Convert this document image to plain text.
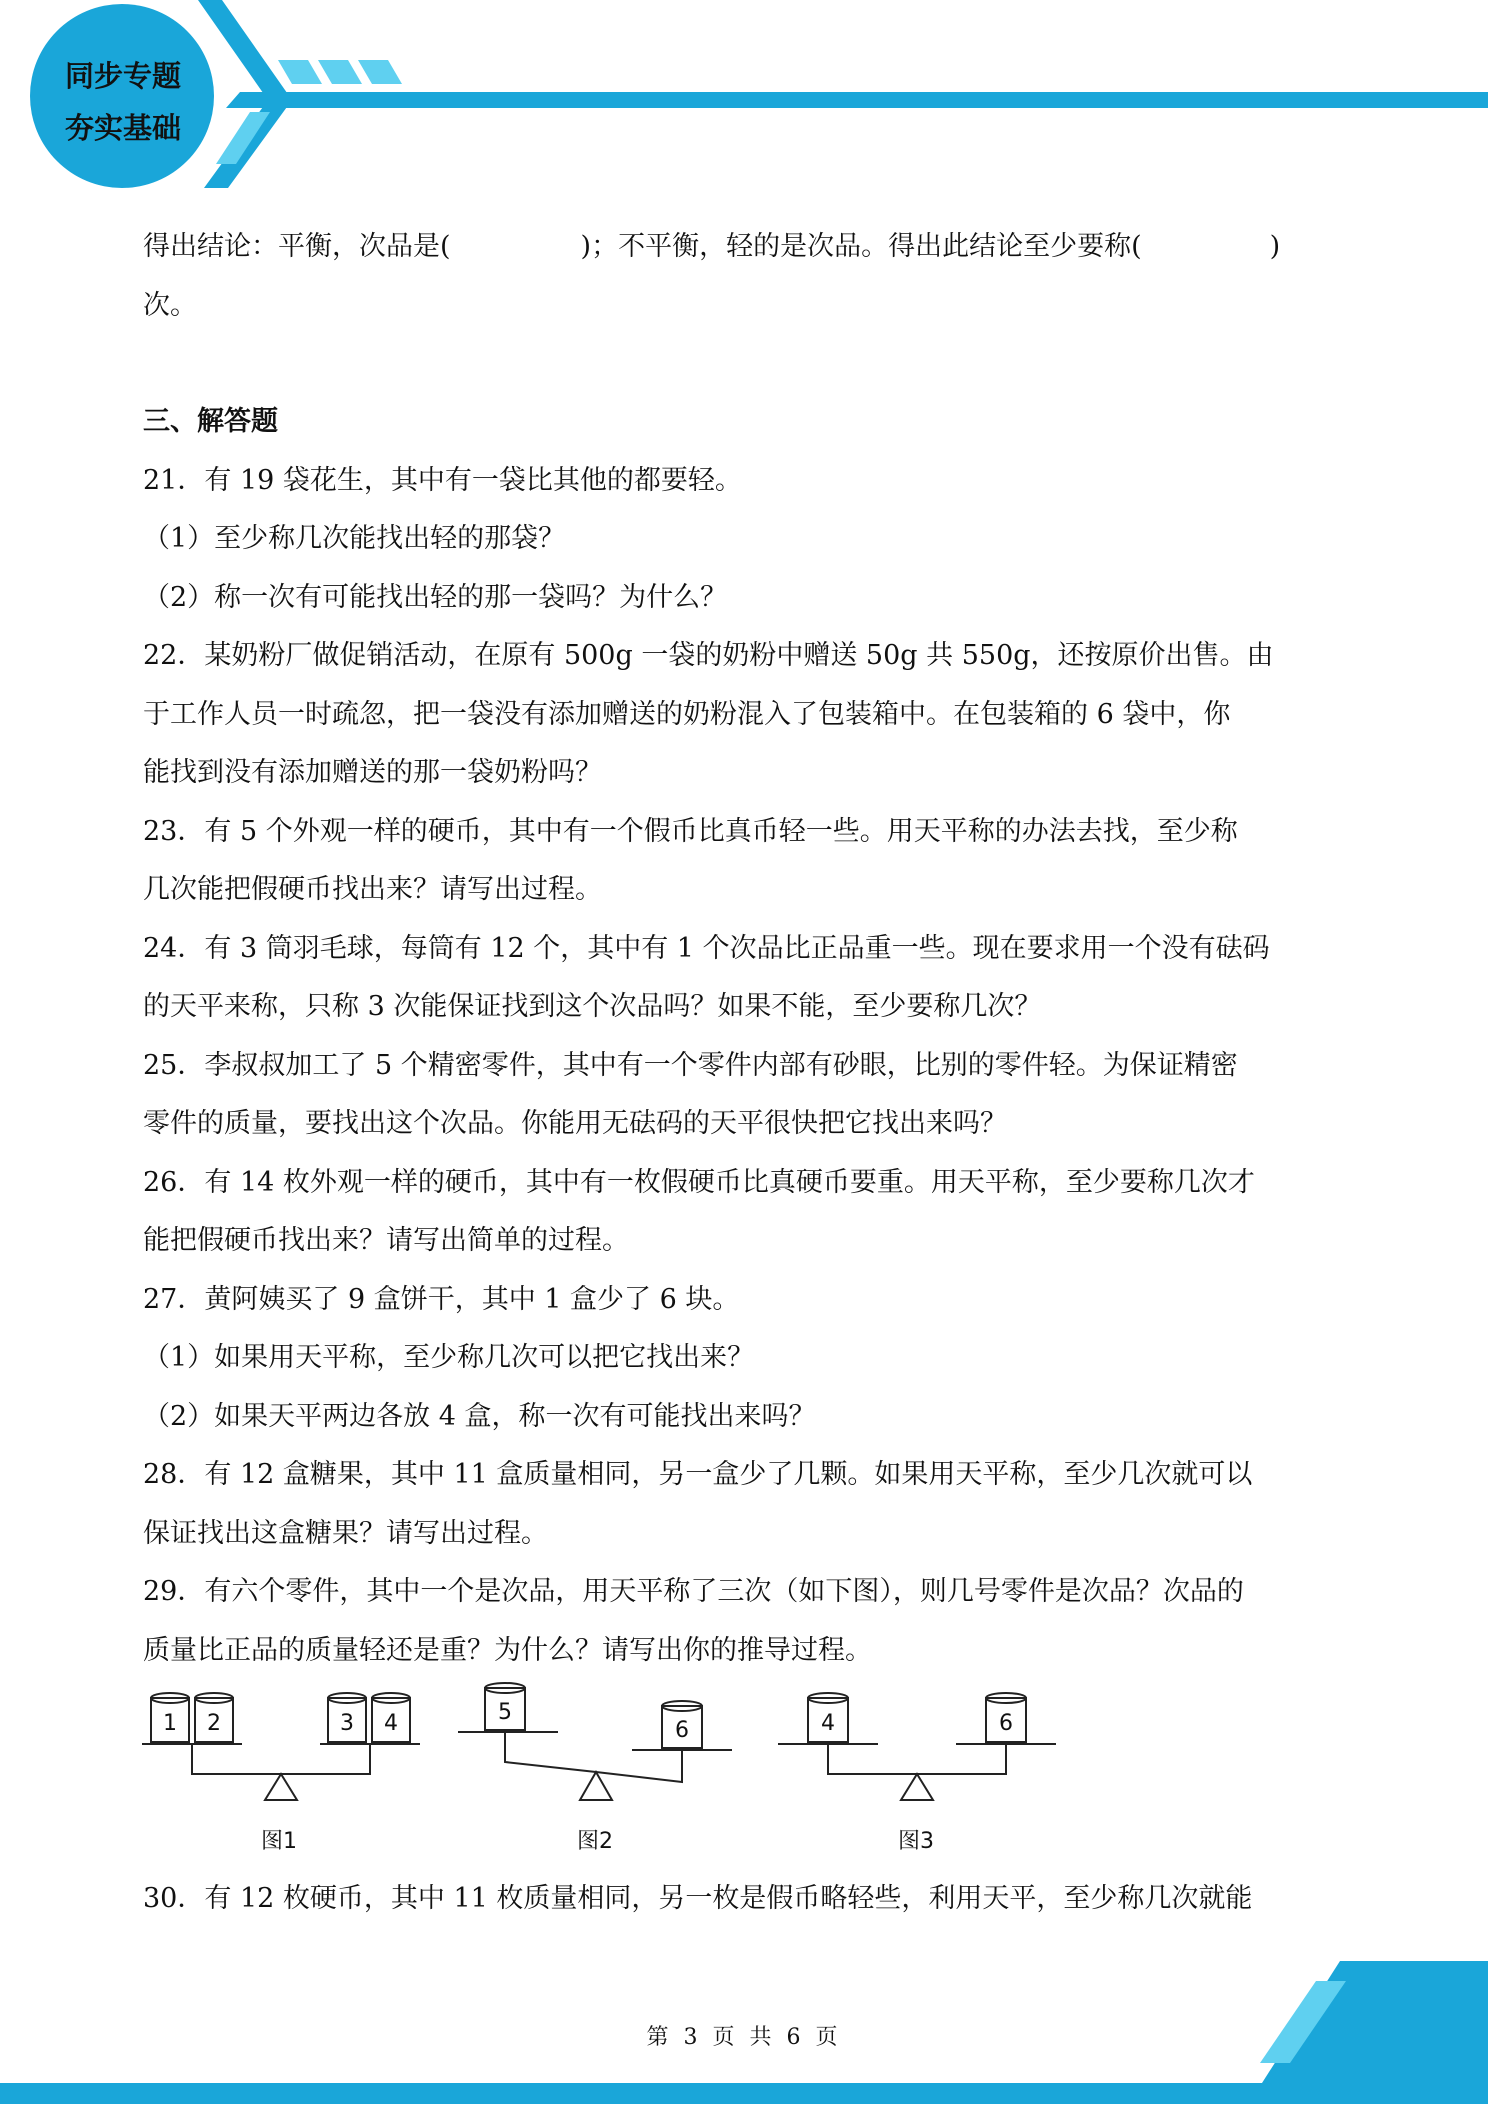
同步专题
夯实基础
得出结论：平衡，次品是(	)；不平衡，轻的是次品。得出此结论至少要称(	)
次。
三、解答题
21．有 19 袋花生，其中有一袋比其他的都要轻。
（1）至少称几次能找出轻的那袋？
（2）称一次有可能找出轻的那一袋吗？为什么？
22．某奶粉厂做促销活动，在原有 500g 一袋的奶粉中赠送 50g 共 550g，还按原价出售。由
于工作人员一时疏忽，把一袋没有添加赠送的奶粉混入了包装箱中。在包装箱的 6 袋中，你
能找到没有添加赠送的那一袋奶粉吗？
23．有 5 个外观一样的硬币，其中有一个假币比真币轻一些。用天平称的办法去找，至少称
几次能把假硬币找出来？请写出过程。
24．有 3 筒羽毛球，每筒有 12 个，其中有 1 个次品比正品重一些。现在要求用一个没有砝码
的天平来称，只称 3 次能保证找到这个次品吗？如果不能，至少要称几次？
25．李叔叔加工了 5 个精密零件，其中有一个零件内部有砂眼，比别的零件轻。为保证精密
零件的质量，要找出这个次品。你能用无砝码的天平很快把它找出来吗？
26．有 14 枚外观一样的硬币，其中有一枚假硬币比真硬币要重。用天平称，至少要称几次才
能把假硬币找出来？请写出简单的过程。
27．黄阿姨买了 9 盒饼干，其中 1 盒少了 6 块。
（1）如果用天平称，至少称几次可以把它找出来？
（2）如果天平两边各放 4 盒，称一次有可能找出来吗？
28．有 12 盒糖果，其中 11 盒质量相同，另一盒少了几颗。如果用天平称，至少几次就可以
保证找出这盒糖果？请写出过程。
29．有六个零件，其中一个是次品，用天平称了三次（如下图），则几号零件是次品？次品的
质量比正品的质量轻还是重？为什么？请写出你的推导过程。
1 2	3 4
图1
5
6
图2
4	6
图3
30．有 12 枚硬币，其中 11 枚质量相同，另一枚是假币略轻些，利用天平，至少称几次就能
第 3 页 共 6 页
